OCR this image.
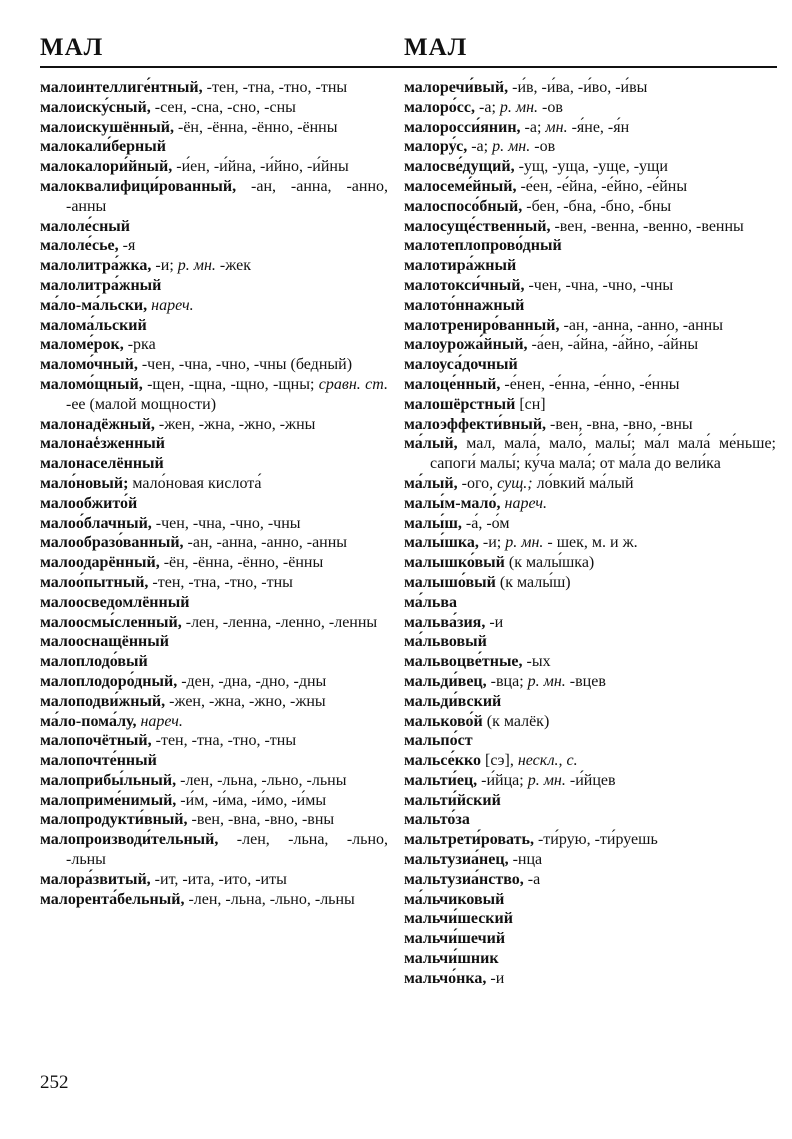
МАЛ	МАЛ

малоинтеллиге́нтный, -тен, -тна, -тно, -тны

малоиску́сный, -сен, -сна, -сно, -сны

малоискушённый, -ён, -ённа, -ённо, -ённы

малокали́берный

малокалори́йный, -и́ен, -и́йна, -и́йно, -и́йны

малоквалифици́рованный, -ан, -анна, -анно, -анны

малоле́сный

малоле́сье, -я

малолитра́жка, -и; р. мн. -жек

малолитра́жный

ма́ло-ма́льски, нареч.

малома́льский

маломе́рок, -рка

маломо́чный, -чен, -чна, -чно, -чны (бедный)

маломо́щный, -щен, -щна, -щно, -щны; сравн. ст. -ее (малой мощности)

малонадёжный, -жен, -жна, -жно, -жны

малонаe̒зженный

малонаселённый

мало́новый; мало́новая кислота́

малообжито́й

малоо́блачный, -чен, -чна, -чно, -чны

малообразо́ванный, -ан, -анна, -анно, -анны

малоодарённый, -ён, -ённа, -ённо, -ённы

малоо́пытный, -тен, -тна, -тно, -тны

малоосведомлённый

малоосмы́сленный, -лен, -ленна, -ленно, -ленны

малооснащённый

малоплодо́вый

малоплодоро́дный, -ден, -дна, -дно, -дны

малоподви́жный, -жен, -жна, -жно, -жны

ма́ло-пома́лу, нареч.

малопочётный, -тен, -тна, -тно, -тны

малопочте́нный

малоприбы́льный, -лен, -льна, -льно, -льны

малоприме́нимый, -и́м, -и́ма, -и́мо, -и́мы

малопродукти́вный, -вен, -вна, -вно, -вны

малопроизводи́тельный, -лен, -льна, -льно, -льны

малора́звитый, -ит, -ита, -ито, -иты

малорента́бельный, -лен, -льна, -льно, -льны

малоречи́вый, -и́в, -и́ва, -и́во, -и́вы

малоро́сс, -а; р. мн. -ов

малоросси́янин, -а; мн. -я́не, -я́н

малору́с, -а; р. мн. -ов

малосве́дущий, -ущ, -уща, -уще, -ущи

малосеме́йный, -е́ен, -е́йна, -е́йно, -е́йны

малоспосо́бный, -бен, -бна, -бно, -бны

малосуще́ственный, -вен, -венна, -венно, -венны

малотеплопрово́дный

малотира́жный

малотокси́чный, -чен, -чна, -чно, -чны

малото́ннажный

малотрениро́ванный, -ан, -анна, -анно, -анны

малоурожа́йный, -а́ен, -а́йна, -а́йно, -а́йны

малоуса́дочный

малоце́нный, -е́нен, -е́нна, -е́нно, -е́нны

малошёрстный [сн]

малоэффекти́вный, -вен, -вна, -вно, -вны

ма́лый, мал, мала́, мало́, малы́; ма́л мала́ ме́ньше; сапоги́ малы́; ку́ча мала́; от ма́ла до вели́ка

ма́лый, -ого, сущ.; ло́вкий ма́лый

малы́м-мало́, нареч.

малы́ш, -а́, -о́м

малы́шка, -и; р. мн. - шек, м. и ж.

малышко́вый (к малы́шка)

малышо́вый (к малы́ш)

ма́льва

мальва́зия, -и

ма́львовый

мальвоцве́тные, -ых

мальди́вец, -вца; р. мн. -вцев

мальди́вский

мальково́й (к малёк)

мальпо́ст

мальсе́кко [сэ], нескл., с.

мальти́ец, -и́йца; р. мн. -и́йцев

мальти́йский

мальто́за

мальтрети́ровать, -ти́рую, -ти́руешь

мальтузиа́нец, -нца

мальтузиа́нство, -а

ма́льчиковый

мальчи́шеский

мальчи́шечий

мальчи́шник

мальчо́нка, -и

252
